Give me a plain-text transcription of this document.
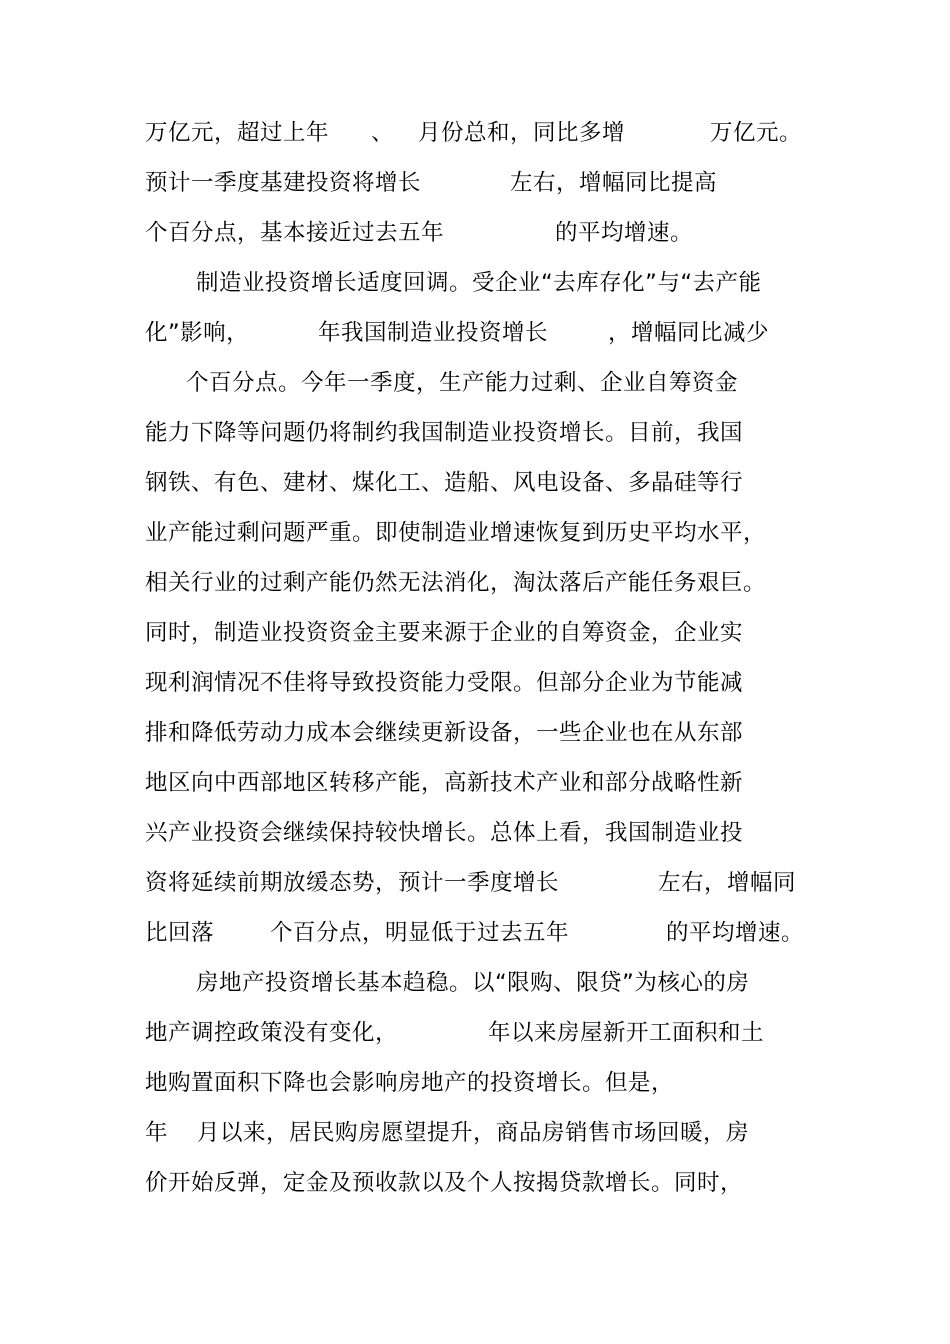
万亿元，超过上年 、 月份总和，同比多增	万亿元。

预计一季度基建投资将增长	左右，增幅同比提高

个百分点，基本接近过去五年	的平均增速。

制造业投资增长适度回调。受企业“去库存化”与“去产能

化”影响，	年我国制造业投资增长	，增幅同比减少

个百分点。今年一季度，生产能力过剩、企业自筹资金

能力下降等问题仍将制约我国制造业投资增长。目前，我国

钢铁、有色、建材、煤化工、造船、风电设备、多晶硅等行

业产能过剩问题严重。即使制造业增速恢复到历史平均水平，

相关行业的过剩产能仍然无法消化，淘汰落后产能任务艰巨。

同时，制造业投资资金主要来源于企业的自筹资金，企业实

现利润情况不佳将导致投资能力受限。但部分企业为节能减

排和降低劳动力成本会继续更新设备，一些企业也在从东部

地区向中西部地区转移产能，高新技术产业和部分战略性新

兴产业投资会继续保持较快增长。总体上看，我国制造业投

资将延续前期放缓态势，预计一季度增长	左右，增幅同

比回落 个百分点，明显低于过去五年	的平均增速。

房地产投资增长基本趋稳。以“限购、限贷”为核心的房

地产调控政策没有变化，	年以来房屋新开工面积和土

地购置面积下降也会影响房地产的投资增长。但是，

年 月以来，居民购房愿望提升，商品房销售市场回暖，房

价开始反弹，定金及预收款以及个人按揭贷款增长。同时，
